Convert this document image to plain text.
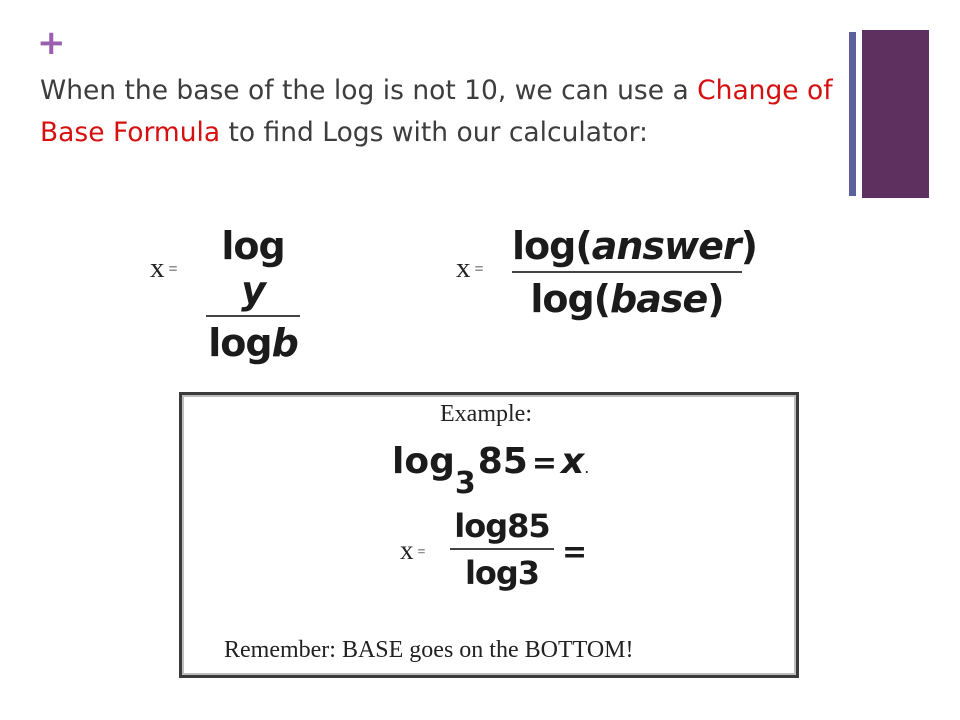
+

When the base of the log is not 10, we can use a Change of Base Formula to find Logs with our calculator:

x =
log y
logb
x =
log(answer)
log(base)

Example:

$\log_385 = x$.
x =
log85
log3
=
Remember: BASE goes on the BOTTOM!
